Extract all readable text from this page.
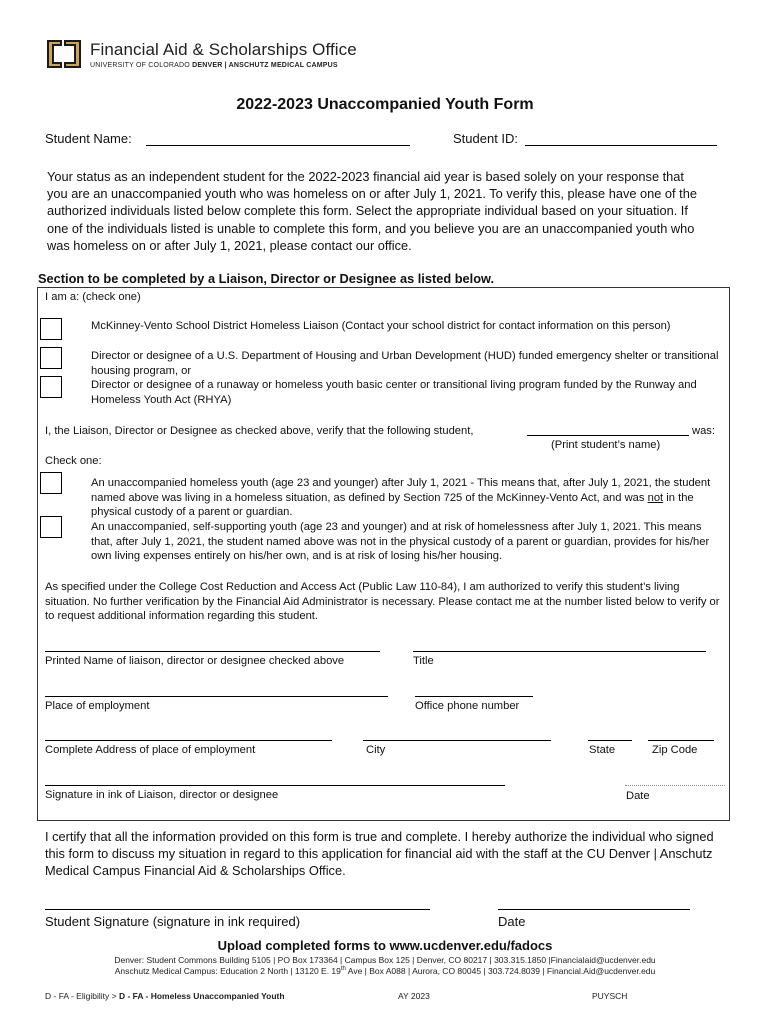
Financial Aid & Scholarships Office
UNIVERSITY OF COLORADO DENVER | ANSCHUTZ MEDICAL CAMPUS
2022-2023 Unaccompanied Youth Form
Student Name:	Student ID:
Your status as an independent student for the 2022-2023 financial aid year is based solely on your response that you are an unaccompanied youth who was homeless on or after July 1, 2021. To verify this, please have one of the authorized individuals listed below complete this form. Select the appropriate individual based on your situation. If one of the individuals listed is unable to complete this form, and you believe you are an unaccompanied youth who was homeless on or after July 1, 2021, please contact our office.
Section to be completed by a Liaison, Director or Designee as listed below.
I am a: (check one)
McKinney-Vento School District Homeless Liaison (Contact your school district for contact information on this person)
Director or designee of a U.S. Department of Housing and Urban Development (HUD) funded emergency shelter or transitional housing program, or
Director or designee of a runaway or homeless youth basic center or transitional living program funded by the Runway and Homeless Youth Act (RHYA)
I, the Liaison, Director or Designee as checked above, verify that the following student,	was:
(Print student’s name)
Check one:
An unaccompanied homeless youth (age 23 and younger) after July 1, 2021 - This means that, after July 1, 2021, the student named above was living in a homeless situation, as defined by Section 725 of the McKinney-Vento Act, and was not in the physical custody of a parent or guardian.
An unaccompanied, self-supporting youth (age 23 and younger) and at risk of homelessness after July 1, 2021. This means that, after July 1, 2021, the student named above was not in the physical custody of a parent or guardian, provides for his/her own living expenses entirely on his/her own, and is at risk of losing his/her housing.
As specified under the College Cost Reduction and Access Act (Public Law 110-84), I am authorized to verify this student’s living situation. No further verification by the Financial Aid Administrator is necessary. Please contact me at the number listed below to verify or to request additional information regarding this student.
Printed Name of liaison, director or designee checked above	Title
Place of employment	Office phone number
Complete Address of place of employment	City	State	Zip Code
Signature in ink of Liaison, director or designee	Date
I certify that all the information provided on this form is true and complete. I hereby authorize the individual who signed this form to discuss my situation in regard to this application for financial aid with the staff at the CU Denver | Anschutz Medical Campus Financial Aid & Scholarships Office.
Student Signature (signature in ink required)	Date
Upload completed forms to www.ucdenver.edu/fadocs
Denver: Student Commons Building 5105 | PO Box 173364 | Campus Box 125 | Denver, CO 80217 | 303.315.1850 |Financialaid@ucdenver.edu
Anschutz Medical Campus: Education 2 North | 13120 E. 19th Ave | Box A088 | Aurora, CO 80045 | 303.724.8039 | Financial.Aid@ucdenver.edu
D - FA - Eligibility > D - FA - Homeless Unaccompanied Youth	AY 2023	PUYSCH
